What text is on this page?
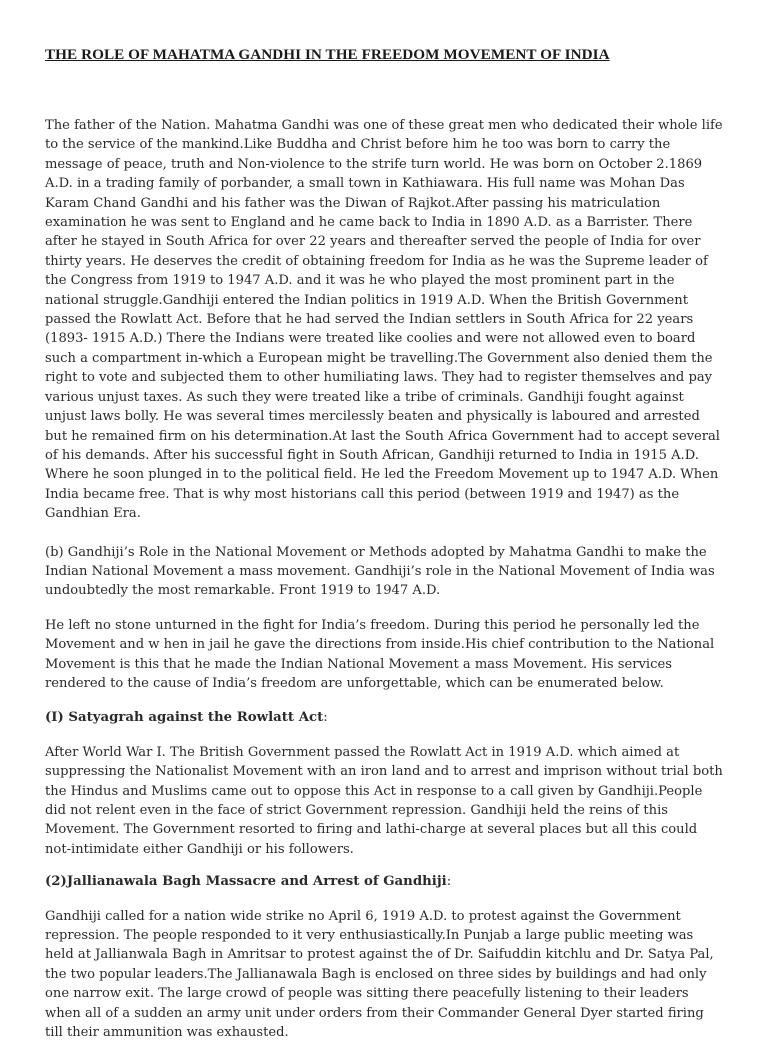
THE ROLE OF MAHATMA GANDHI IN THE FREEDOM MOVEMENT OF INDIA

The father of the Nation. Mahatma Gandhi was one of these great men who dedicated their whole life to the service of the mankind.Like Buddha and Christ before him he too was born to carry the message of peace, truth and Non-violence to the strife turn world. He was born on October 2.1869 A.D. in a trading family of porbander, a small town in Kathiawara. His full name was Mohan Das Karam Chand Gandhi and his father was the Diwan of Rajkot.After passing his matriculation examination he was sent to England and he came back to India in 1890 A.D. as a Barrister. There after he stayed in South Africa for over 22 years and thereafter served the people of India for over thirty years. He deserves the credit of obtaining freedom for India as he was the Supreme leader of the Congress from 1919 to 1947 A.D. and it was he who played the most prominent part in the national struggle.Gandhiji entered the Indian politics in 1919 A.D. When the British Government passed the Rowlatt Act. Before that he had served the Indian settlers in South Africa for 22 years (1893- 1915 A.D.) There the Indians were treated like coolies and were not allowed even to board such a compartment in-which a European might be travelling.The Government also denied them the right to vote and subjected them to other humiliating laws. They had to register themselves and pay various unjust taxes. As such they were treated like a tribe of criminals. Gandhiji fought against unjust laws bolly. He was several times mercilessly beaten and physically is laboured and arrested but he remained firm on his determination.At last the South Africa Government had to accept several of his demands. After his successful fight in South African, Gandhiji returned to India in 1915 A.D. Where he soon plunged in to the political field. He led the Freedom Movement up to 1947 A.D. When India became free. That is why most historians call this period (between 1919 and 1947) as the Gandhian Era.

(b) Gandhiji’s Role in the National Movement or Methods adopted by Mahatma Gandhi to make the Indian National Movement a mass movement. Gandhiji’s role in the National Movement of India was undoubtedly the most remarkable. Front 1919 to 1947 A.D.

He left no stone unturned in the fight for India’s freedom. During this period he personally led the Movement and w hen in jail he gave the directions from inside.His chief contribution to the National Movement is this that he made the Indian National Movement a mass Movement. His services rendered to the cause of India’s freedom are unforgettable, which can be enumerated below.

(I) Satyagrah against the Rowlatt Act:

After World War I. The British Government passed the Rowlatt Act in 1919 A.D. which aimed at suppressing the Nationalist Movement with an iron land and to arrest and imprison without trial both the Hindus and Muslims came out to oppose this Act in response to a call given by Gandhiji.People did not relent even in the face of strict Government repression. Gandhiji held the reins of this Movement. The Government resorted to firing and lathi-charge at several places but all this could not-intimidate either Gandhiji or his followers.

(2)Jallianawala Bagh Massacre and Arrest of Gandhiji:

Gandhiji called for a nation wide strike no April 6, 1919 A.D. to protest against the Government repression. The people responded to it very enthusiastically.In Punjab a large public meeting was held at Jallianwala Bagh in Amritsar to protest against the of Dr. Saifuddin kitchlu and Dr. Satya Pal, the two popular leaders.The Jallianawala Bagh is enclosed on three sides by buildings and had only one narrow exit. The large crowd of people was sitting there peacefully listening to their leaders when all of a sudden an army unit under orders from their Commander General Dyer started firing till their ammunition was exhausted.
